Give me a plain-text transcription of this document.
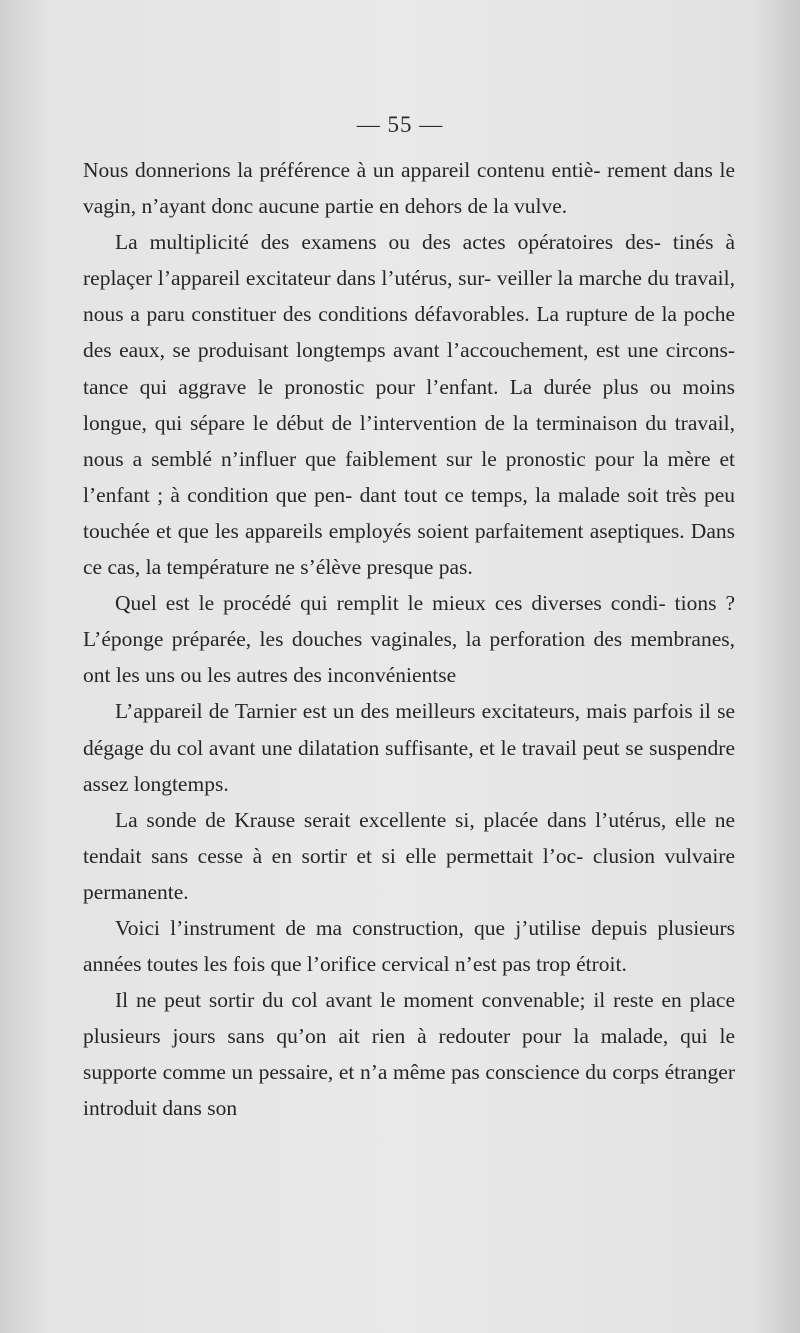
— 55 —

Nous donnerions la préférence à un appareil contenu entiè- rement dans le vagin, n’ayant donc aucune partie en dehors de la vulve.

La multiplicité des examens ou des actes opératoires des- tinés à replaçer l’appareil excitateur dans l’utérus, sur- veiller la marche du travail, nous a paru constituer des conditions défavorables. La rupture de la poche des eaux, se produisant longtemps avant l’accouchement, est une circons- tance qui aggrave le pronostic pour l’enfant. La durée plus ou moins longue, qui sépare le début de l’intervention de la terminaison du travail, nous a semblé n’influer que faiblement sur le pronostic pour la mère et l’enfant ; à condition que pen- dant tout ce temps, la malade soit très peu touchée et que les appareils employés soient parfaitement aseptiques. Dans ce cas, la température ne s’élève presque pas.

Quel est le procédé qui remplit le mieux ces diverses condi- tions ? L’éponge préparée, les douches vaginales, la perforation des membranes, ont les uns ou les autres des inconvénientse

L’appareil de Tarnier est un des meilleurs excitateurs, mais parfois il se dégage du col avant une dilatation suffisante, et le travail peut se suspendre assez longtemps.

La sonde de Krause serait excellente si, placée dans l’utérus, elle ne tendait sans cesse à en sortir et si elle permettait l’oc- clusion vulvaire permanente.

Voici l’instrument de ma construction, que j’utilise depuis plusieurs années toutes les fois que l’orifice cervical n’est pas trop étroit.

Il ne peut sortir du col avant le moment convenable; il reste en place plusieurs jours sans qu’on ait rien à redouter pour la malade, qui le supporte comme un pessaire, et n’a même pas conscience du corps étranger introduit dans son
